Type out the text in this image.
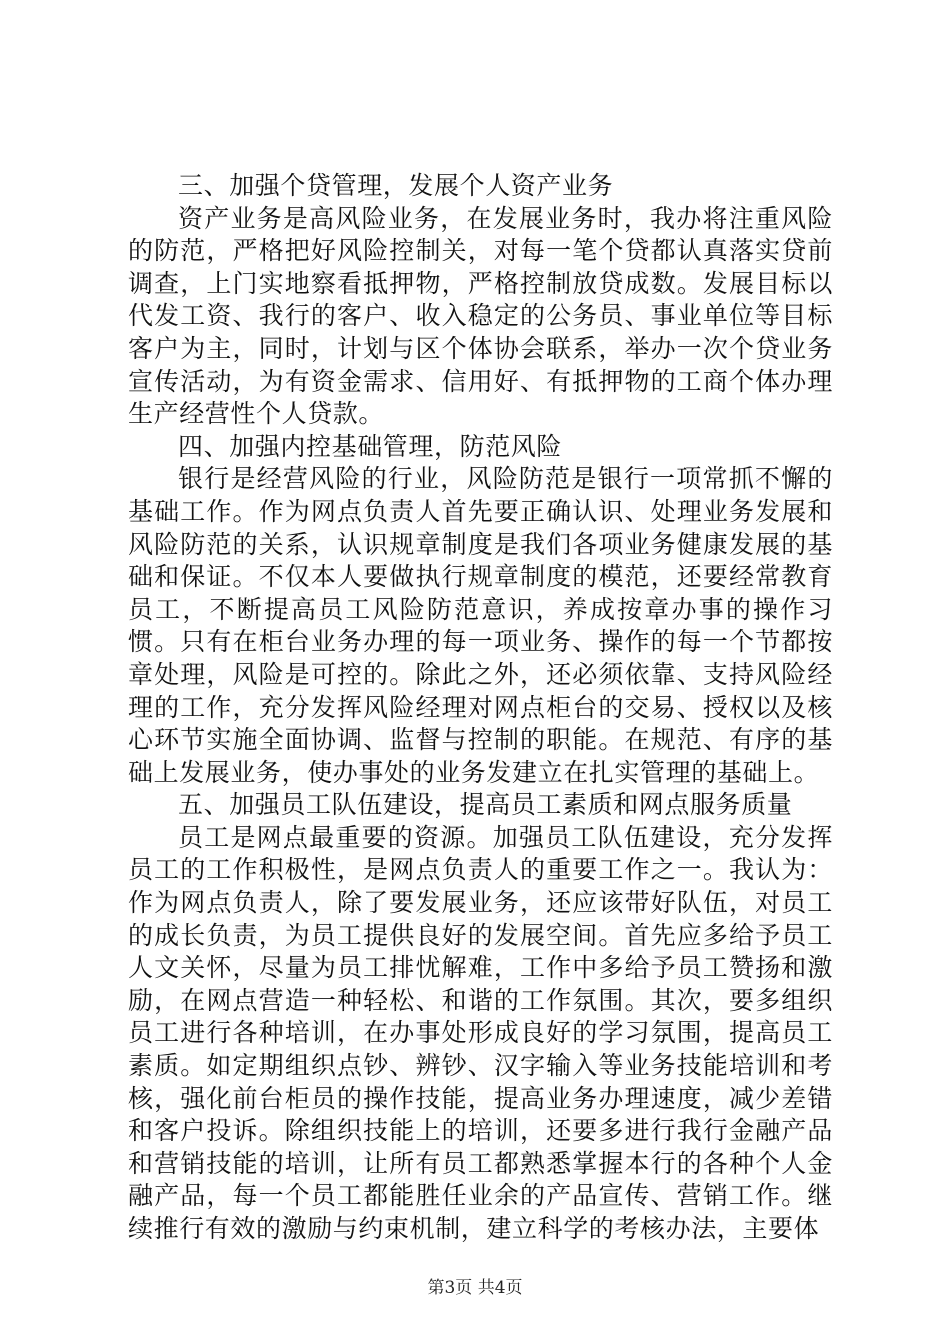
三、加强个贷管理，发展个人资产业务

资产业务是高风险业务，在发展业务时，我办将注重风险的防范，严格把好风险控制关，对每一笔个贷都认真落实贷前调查，上门实地察看抵押物，严格控制放贷成数。发展目标以代发工资、我行的客户、收入稳定的公务员、事业单位等目标客户为主，同时，计划与区个体协会联系，举办一次个贷业务宣传活动，为有资金需求、信用好、有抵押物的工商个体办理生产经营性个人贷款。

四、加强内控基础管理，防范风险

银行是经营风险的行业，风险防范是银行一项常抓不懈的基础工作。作为网点负责人首先要正确认识、处理业务发展和风险防范的关系，认识规章制度是我们各项业务健康发展的基础和保证。不仅本人要做执行规章制度的模范，还要经常教育员工，不断提高员工风险防范意识，养成按章办事的操作习惯。只有在柜台业务办理的每一项业务、操作的每一个节都按章处理，风险是可控的。除此之外，还必须依靠、支持风险经理的工作，充分发挥风险经理对网点柜台的交易、授权以及核心环节实施全面协调、监督与控制的职能。在规范、有序的基础上发展业务，使办事处的业务发建立在扎实管理的基础上。

五、加强员工队伍建设，提高员工素质和网点服务质量

员工是网点最重要的资源。加强员工队伍建设，充分发挥员工的工作积极性，是网点负责人的重要工作之一。我认为：作为网点负责人，除了要发展业务，还应该带好队伍，对员工的成长负责，为员工提供良好的发展空间。首先应多给予员工人文关怀，尽量为员工排忧解难，工作中多给予员工赞扬和激励，在网点营造一种轻松、和谐的工作氛围。其次，要多组织员工进行各种培训，在办事处形成良好的学习氛围，提高员工素质。如定期组织点钞、辨钞、汉字输入等业务技能培训和考核，强化前台柜员的操作技能，提高业务办理速度，减少差错和客户投诉。除组织技能上的培训，还要多进行我行金融产品和营销技能的培训，让所有员工都熟悉掌握本行的各种个人金融产品，每一个员工都能胜任业余的产品宣传、营销工作。继续推行有效的激励与约束机制，建立科学的考核办法，主要体

第3页 共4页
